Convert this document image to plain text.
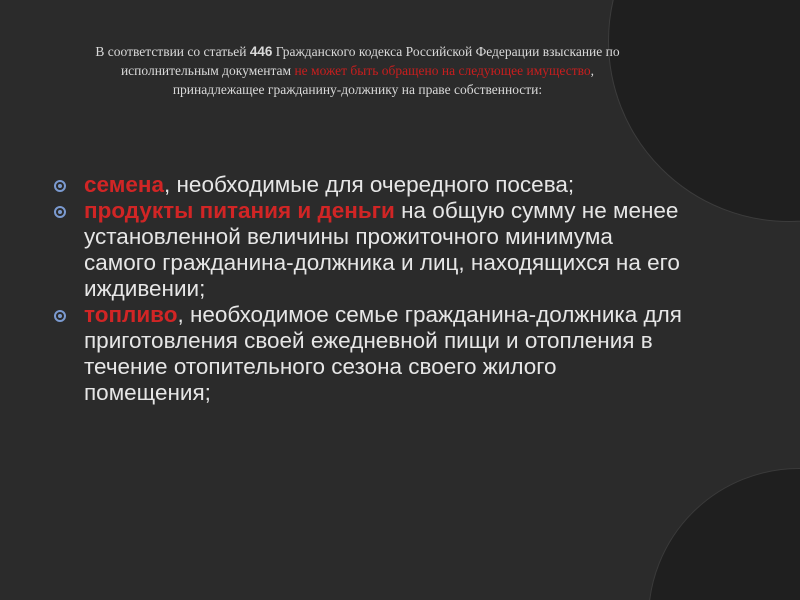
В соответствии со статьей 446 Гражданского кодекса Российской Федерации взыскание по
исполнительным документам не может быть обращено на следующее имущество,
принадлежащее гражданину-должнику на праве собственности:
семена, необходимые для очередного посева;
продукты питания и деньги на общую сумму не менее установленной величины прожиточного минимума самого гражданина-должника и лиц, находящихся на его иждивении;
топливо, необходимое семье гражданина-должника для приготовления своей ежедневной пищи и отопления в течение отопительного сезона своего жилого помещения;
